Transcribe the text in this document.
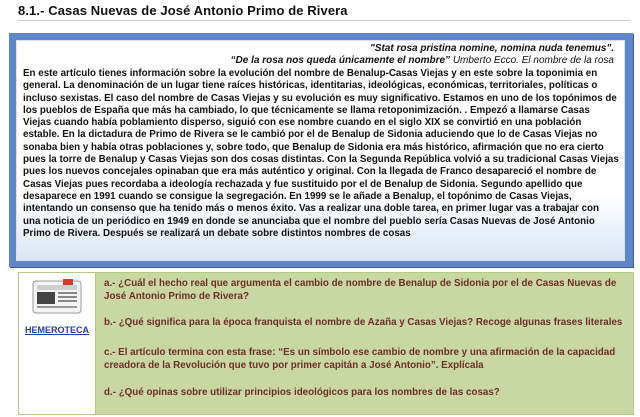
8.1.- Casas Nuevas de José Antonio Primo de Rivera
"Stat rosa pristina nomine, nomina nuda tenemus".
“De la rosa nos queda únicamente el nombre” Umberto Ecco. El nombre de la rosa

En este artículo tienes información sobre la evolución del nombre de Benalup-Casas Viejas y en este sobre la toponimia en general. La denominación de un lugar tiene raíces históricas, identitarias, ideológicas, económicas, territoriales, políticas o incluso sexistas. El caso del nombre de Casas Viejas y su evolución es muy significativo. Estamos en uno de los topónimos de los pueblos de España que más ha cambiado, lo que técnicamente se llama retoponimización. . Empezó a llamarse Casas Viejas cuando había poblamiento disperso, siguió con ese nombre cuando en el siglo XIX se convirtió en una población estable. En la dictadura de Primo de Rivera se le cambió por el de Benalup de Sidonia aduciendo que lo de Casas Viejas no sonaba bien y había otras poblaciones y, sobre todo, que Benalup de Sidonia era más histórico, afirmación que no era cierto pues la torre de Benalup y Casas Viejas son dos cosas distintas. Con la Segunda República volvió a su tradicional Casas Viejas pues los nuevos concejales opinaban que era más auténtico y original. Con la llegada de Franco desapareció el nombre de Casas Viejas pues recordaba a ideología rechazada y fue sustituido por el de Benalup de Sidonia. Segundo apellido que desaparece en 1991 cuando se consigue la segregación. En 1999 se le añade a Benalup, el topónimo de Casas Viejas, intentando un consenso que ha tenido más o menos éxito. Vas a realizar una doble tarea, en primer lugar vas a trabajar con una noticia de un periódico en 1949 en donde se anunciaba que el nombre del pueblo sería Casas Nuevas de José Antonio Primo de Rivera. Después se realizará un debate sobre distintos nombres de cosas

HEMEROTECA
a.- ¿Cuál el hecho real que argumenta el cambio de nombre de Benalup de Sidonia por el de Casas Nuevas de José Antonio Primo de Rivera?
b.- ¿Qué significa para la época franquista el nombre de Azaña y Casas Viejas? Recoge algunas frases literales
c.- El artículo termina con esta frase: “Es un símbolo ese cambio de nombre y una afirmación de la capacidad creadora de la Revolución que tuvo por primer capitán a José Antonio”. Explícala
d.- ¿Qué opinas sobre utilizar principios ideológicos para los nombres de las cosas?
